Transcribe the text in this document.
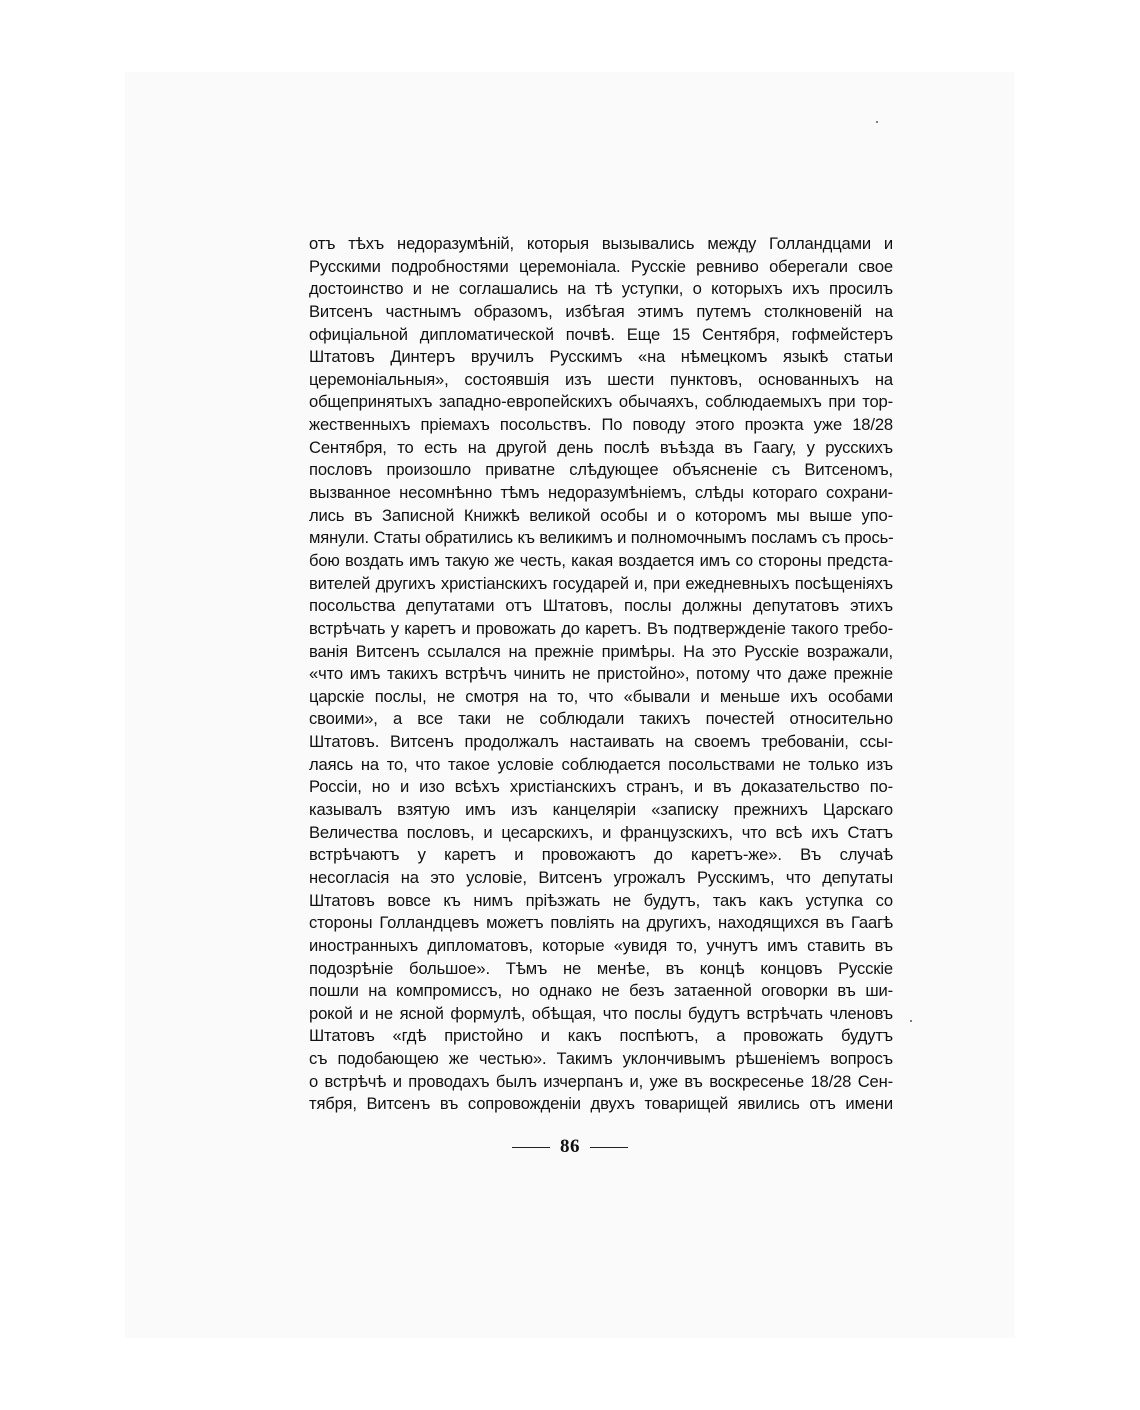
отъ тѣхъ недоразумѣній, которыя вызывались между Голландцами и
Русскими подробностями церемоніала. Русскіе ревниво оберегали свое
достоинство и не соглашались на тѣ уступки, о которыхъ ихъ просилъ
Витсенъ частнымъ образомъ, избѣгая этимъ путемъ столкновеній на
офиціальной дипломатической почвѣ. Еще 15 Сентября, гофмейстеръ
Штатовъ Динтеръ вручилъ Русскимъ «на нѣмецкомъ языкѣ статьи
церемоніальныя», состоявшія изъ шести пунктовъ, основанныхъ на
общепринятыхъ западно-европейскихъ обычаяхъ, соблюдаемыхъ при тор-
жественныхъ пріемахъ посольствъ. По поводу этого проэкта уже 18/28
Сентября, то есть на другой день послѣ въѣзда въ Гаагу, у русскихъ
пословъ произошло приватне слѣдующее объясненіе съ Витсеномъ,
вызванное несомнѣнно тѣмъ недоразумѣніемъ, слѣды котораго сохрани-
лись въ Записной Книжкѣ великой особы и о которомъ мы выше упо-
мянули. Статы обратились къ великимъ и полномочнымъ посламъ съ прось-
бою воздать имъ такую же честь, какая воздается имъ со стороны предста-
вителей другихъ христіанскихъ государей и, при ежедневныхъ посѣщеніяхъ
посольства депутатами отъ Штатовъ, послы должны депутатовъ этихъ
встрѣчать у каретъ и провожать до каретъ. Въ подтвержденіе такого требо-
ванія Витсенъ ссылался на прежніе примѣры. На это Русскіе возражали,
«что имъ такихъ встрѣчъ чинить не пристойно», потому что даже прежніе
царскіе послы, не смотря на то, что «бывали и меньше ихъ особами
своими», а все таки не соблюдали такихъ почестей относительно
Штатовъ. Витсенъ продолжалъ настаивать на своемъ требованіи, ссы-
лаясь на то, что такое условіе соблюдается посольствами не только изъ
Россіи, но и изо всѣхъ христіанскихъ странъ, и въ доказательство по-
казывалъ взятую имъ изъ канцеляріи «записку прежнихъ Царскаго
Величества пословъ, и цесарскихъ, и французскихъ, что всѣ ихъ Статъ
встрѣчаютъ у каретъ и провожаютъ до каретъ-же». Въ случаѣ
несогласія на это условіе, Витсенъ угрожалъ Русскимъ, что депутаты
Штатовъ вовсе къ нимъ пріѣзжать не будутъ, такъ какъ уступка со
стороны Голландцевъ можетъ повліять на другихъ, находящихся въ Гаагѣ
иностранныхъ дипломатовъ, которые «увидя то, учнутъ имъ ставить въ
подозрѣніе большое». Тѣмъ не менѣе, въ концѣ концовъ Русскіе
пошли на компромиссъ, но однако не безъ затаенной оговорки въ ши-
рокой и не ясной формулѣ, обѣщая, что послы будутъ встрѣчать членовъ
Штатовъ «гдѣ пристойно и какъ поспѣютъ, а провожать будутъ
съ подобающею же честью». Такимъ уклончивымъ рѣшеніемъ вопросъ
о встрѣчѣ и проводахъ былъ изчерпанъ и, уже въ воскресенье 18/28 Сен-
тября, Витсенъ въ сопровожденіи двухъ товарищей явились отъ имени
86
